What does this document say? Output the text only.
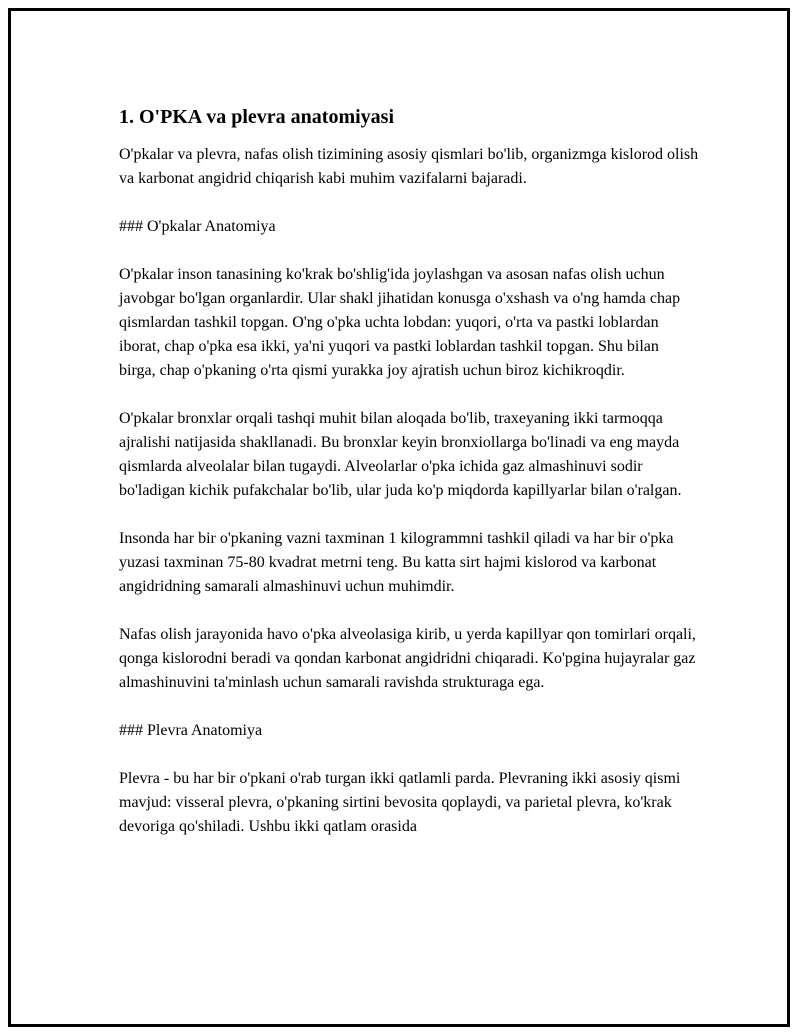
1. O'PKA va plevra anatomiyasi

O'pkalar va plevra, nafas olish tizimining asosiy qismlari bo'lib, organizmga kislorod olish va karbonat angidrid chiqarish kabi muhim vazifalarni bajaradi.

### O'pkalar Anatomiya

O'pkalar inson tanasining ko'krak bo'shlig'ida joylashgan va asosan nafas olish uchun javobgar bo'lgan organlardir. Ular shakl jihatidan konusga o'xshash va o'ng hamda chap qismlardan tashkil topgan. O'ng o'pka uchta lobdan: yuqori, o'rta va pastki loblardan iborat, chap o'pka esa ikki, ya'ni yuqori va pastki loblardan tashkil topgan. Shu bilan birga, chap o'pkaning o'rta qismi yurakka joy ajratish uchun biroz kichikroqdir.

O'pkalar bronxlar orqali tashqi muhit bilan aloqada bo'lib, traxeyaning ikki tarmoqqa ajralishi natijasida shakllanadi. Bu bronxlar keyin bronxiollarga bo'linadi va eng mayda qismlarda alveolalar bilan tugaydi. Alveolarlar o'pka ichida gaz almashinuvi sodir bo'ladigan kichik pufakchalar bo'lib, ular juda ko'p miqdorda kapillyarlar bilan o'ralgan.

Insonda har bir o'pkaning vazni taxminan 1 kilogrammni tashkil qiladi va har bir o'pka yuzasi taxminan 75-80 kvadrat metrni teng. Bu katta sirt hajmi kislorod va karbonat angidridning samarali almashinuvi uchun muhimdir.

Nafas olish jarayonida havo o'pka alveolasiga kirib, u yerda kapillyar qon tomirlari orqali, qonga kislorodni beradi va qondan karbonat angidridni chiqaradi. Ko'pgina hujayralar gaz almashinuvini ta'minlash uchun samarali ravishda strukturaga ega.

### Plevra Anatomiya

Plevra - bu har bir o'pkani o'rab turgan ikki qatlamli parda. Plevraning ikki asosiy qismi mavjud: visseral plevra, o'pkaning sirtini bevosita qoplaydi, va parietal plevra, ko'krak devoriga qo'shiladi. Ushbu ikki qatlam orasida
